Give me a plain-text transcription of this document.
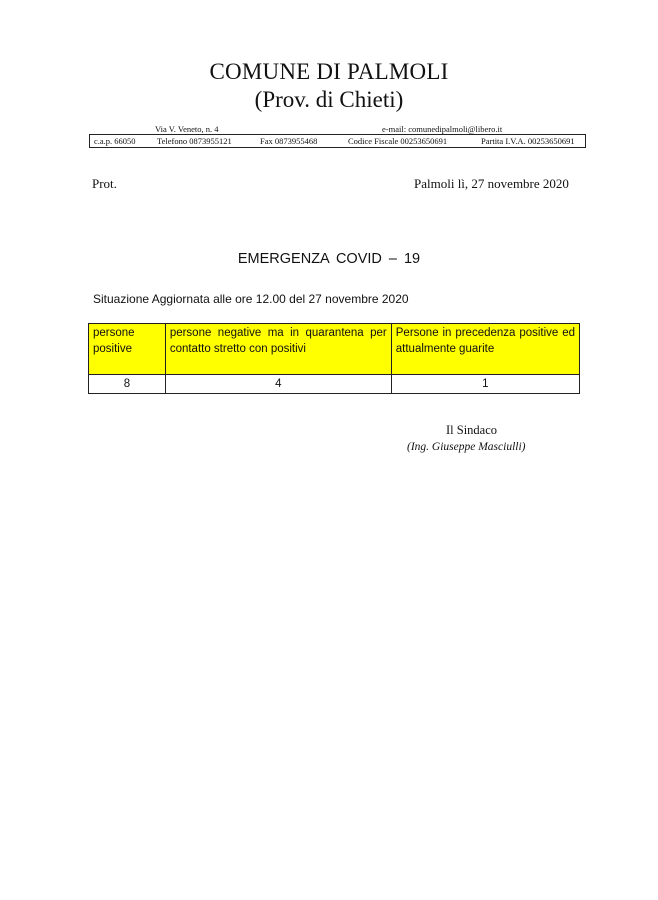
COMUNE DI PALMOLI
(Prov. di Chieti)
Via V. Veneto, n. 4	e-mail: comunedipalmoli@libero.it
c.a.p. 66050	Telefono 0873955121	Fax 0873955468	Codice Fiscale 00253650691	Partita I.V.A. 00253650691
Prot.	Palmoli lì, 27 novembre 2020
EMERGENZA COVID – 19
Situazione Aggiornata alle ore 12.00 del 27 novembre 2020
persone positive	persone negative ma in quarantena per contatto stretto con positivi	Persone in precedenza positive ed attualmente guarite
8	4	1
Il Sindaco
(Ing. Giuseppe Masciulli)
